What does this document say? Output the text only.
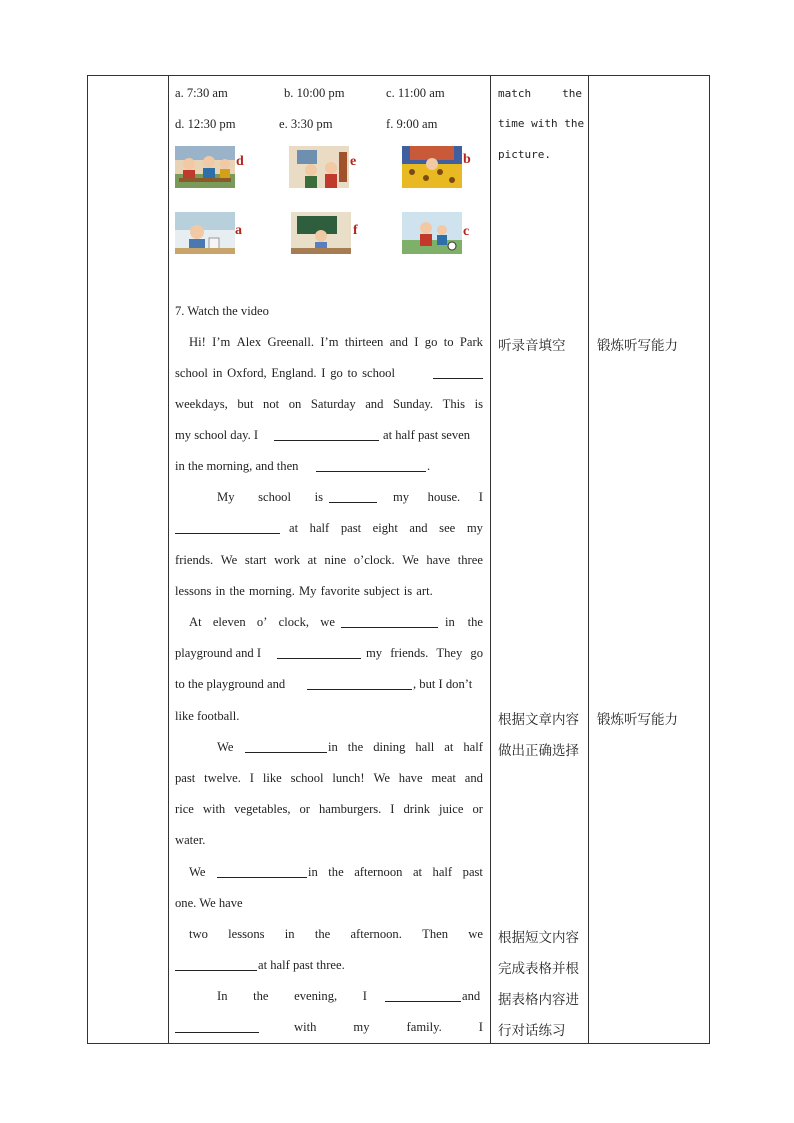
a. 7:30 am	b. 10:00 pm	c. 11:00 am
d. 12:30 pm	e. 3:30 pm	f. 9:00 am
d	e	b
a	f	c
7. Watch the video
Hi! I’m Alex Greenall. I’m thirteen and I go to Park
school in Oxford, England. I go to school
weekdays, but not on Saturday and Sunday. This is
my school day. I	at half past seven
in the morning, and then	.
My school is	my house. I
at half past eight and see my
friends. We start work at nine o’clock. We have three
lessons in the morning. My favorite subject is art.
At eleven o’ clock, we	in the
playground and I	my friends. They go
to the playground and	, but I don’t
like football.
We	in the dining hall at half
past twelve. I like school lunch! We have meat and
rice with vegetables, or hamburgers. I drink juice or
water.
We	in the afternoon at half past
one. We have
two lessons in the afternoon. Then we
at half past three.
In the evening, I	and
with	my	family.	I

match	the
time with the
picture.
听录音填空
根据文章内容
做出正确选择
根据短文内容
完成表格并根
据表格内容进
行对话练习

锻炼听写能力
锻炼听写能力
